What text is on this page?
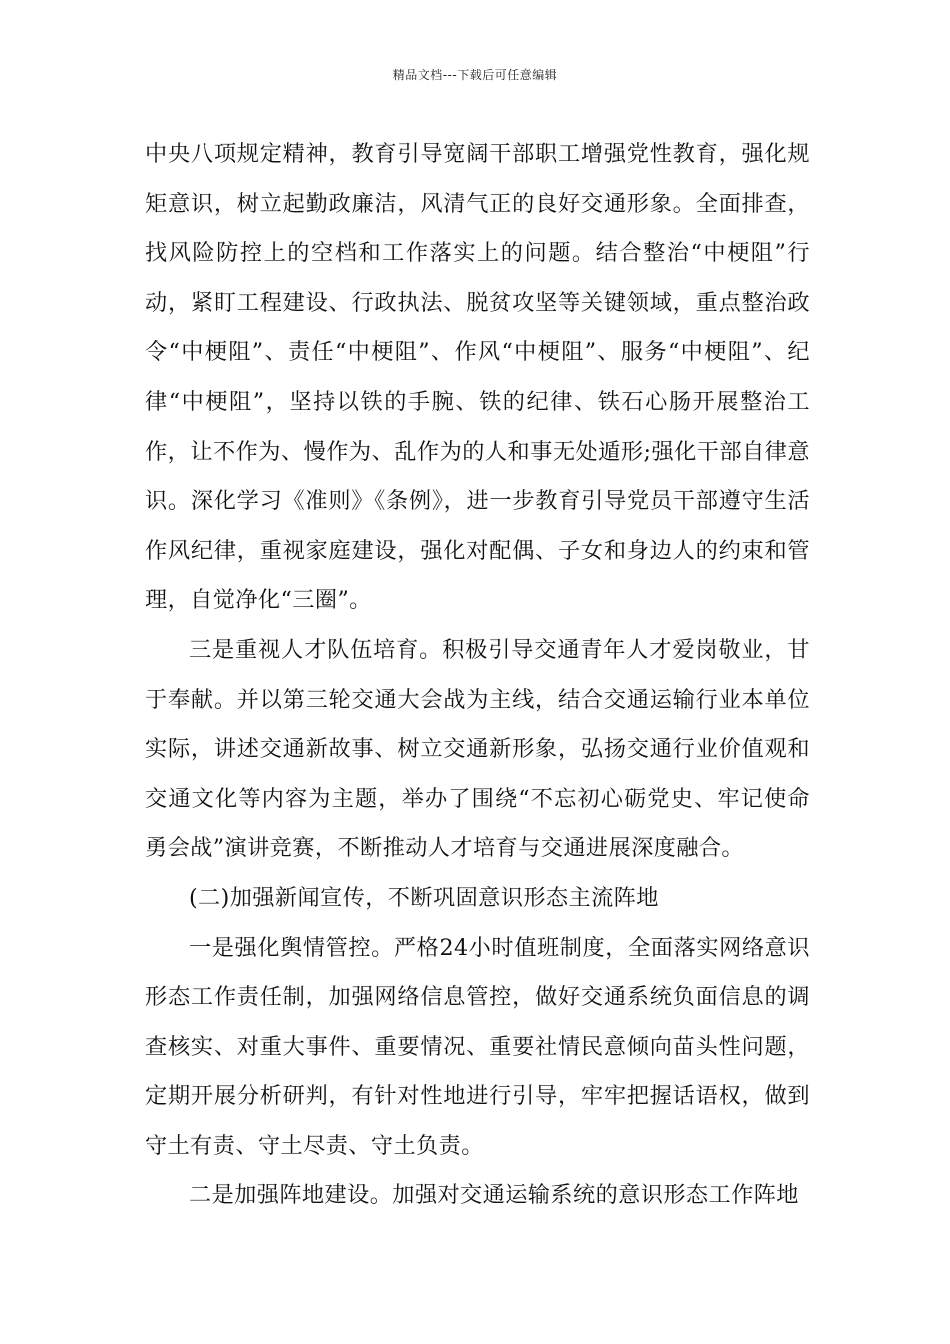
精品文档---下载后可任意编辑

中央八项规定精神，教育引导宽阔干部职工增强党性教育，强化规矩意识，树立起勤政廉洁，风清气正的良好交通形象。全面排查，找风险防控上的空档和工作落实上的问题。结合整治“中梗阻”行动，紧盯工程建设、行政执法、脱贫攻坚等关键领域，重点整治政令“中梗阻”、责任“中梗阻”、作风“中梗阻”、服务“中梗阻”、纪律“中梗阻”，坚持以铁的手腕、铁的纪律、铁石心肠开展整治工作，让不作为、慢作为、乱作为的人和事无处遁形;强化干部自律意识。深化学习《准则》《条例》，进一步教育引导党员干部遵守生活作风纪律，重视家庭建设，强化对配偶、子女和身边人的约束和管理，自觉净化“三圈”。

三是重视人才队伍培育。积极引导交通青年人才爱岗敬业，甘于奉献。并以第三轮交通大会战为主线，结合交通运输行业本单位实际，讲述交通新故事、树立交通新形象，弘扬交通行业价值观和交通文化等内容为主题，举办了围绕“不忘初心砺党史、牢记使命勇会战”演讲竞赛，不断推动人才培育与交通进展深度融合。

(二)加强新闻宣传，不断巩固意识形态主流阵地

一是强化舆情管控。严格24小时值班制度，全面落实网络意识形态工作责任制，加强网络信息管控，做好交通系统负面信息的调查核实、对重大事件、重要情况、重要社情民意倾向苗头性问题，定期开展分析研判，有针对性地进行引导，牢牢把握话语权，做到守土有责、守土尽责、守土负责。

二是加强阵地建设。加强对交通运输系统的意识形态工作阵地
